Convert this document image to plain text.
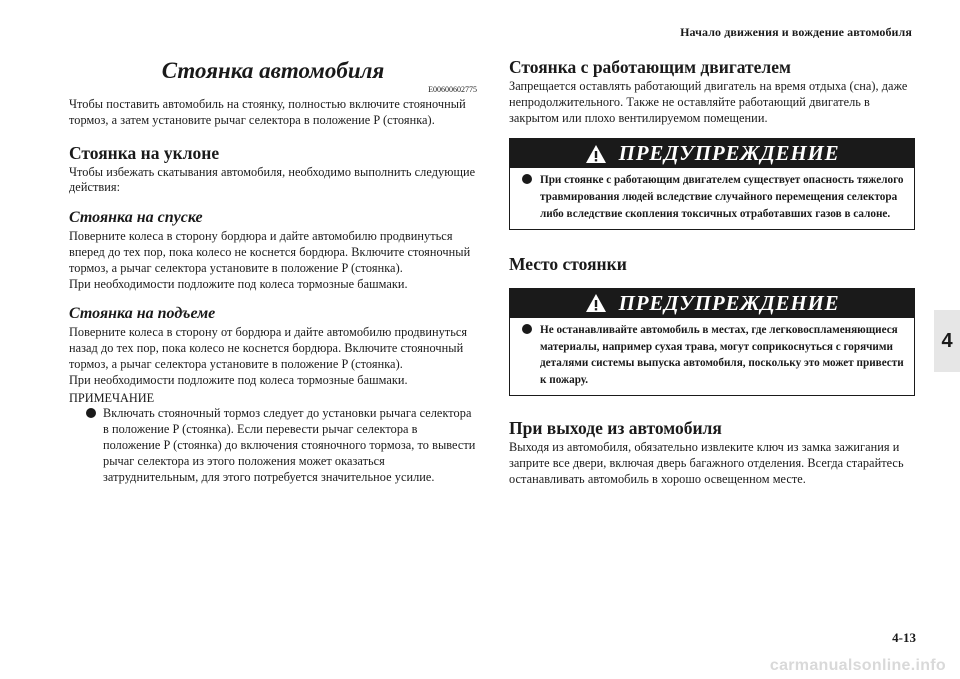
Начало движения и вождение автомобиля
4
Стоянка автомобиля
E00600602775

Чтобы поставить автомобиль на стоянку, полностью включите стояночный тормоз, а затем установите рычаг селектора в положение P (стоянка).

Стоянка на уклоне

Чтобы избежать скатывания автомобиля, необходимо выполнить следующие действия:

Стоянка на спуске

Поверните колеса в сторону бордюра и дайте автомобилю продвинуться вперед до тех пор, пока колесо не коснется бордюра. Включите стояночный тормоз, а рычаг селектора установите в положение P (стоянка).

При необходимости подложите под колеса тормозные башмаки.

Стоянка на подъеме

Поверните колеса в сторону от бордюра и дайте автомобилю продвинуться назад до тех пор, пока колесо не коснется бордюра. Включите стояночный тормоз, а рычаг селектора установите в положение P (стоянка).

При необходимости подложите под колеса тормозные башмаки.

ПРИМЕЧАНИЕ

Включать стояночный тормоз следует до установки рычага селектора в положение P (стоянка). Если перевести рычаг селектора в положение P (стоянка) до включения стояночного тормоза, то вывести рычаг селектора из этого положения может оказаться затруднительным, для этого потребуется значительное усилие.

Стоянка с работающим двигателем

Запрещается оставлять работающий двигатель на время отдыха (сна), даже непродолжительного. Также не оставляйте работающий двигатель в закрытом или плохо вентилируемом помещении.

ПРЕДУПРЕЖДЕНИЕ

При стоянке с работающим двигателем существует опасность тяжелого травмирования людей вследствие случайного перемещения селектора либо вследствие скопления токсичных отработавших газов в салоне.

Место стоянки
ПРЕДУПРЕЖДЕНИЕ

Не останавливайте автомобиль в местах, где легковоспламеняющиеся материалы, например сухая трава, могут соприкоснуться с горячими деталями системы выпуска автомобиля, поскольку это может привести к пожару.

При выходе из автомобиля

Выходя из автомобиля, обязательно извлеките ключ из замка зажигания и заприте все двери, включая дверь багажного отделения. Всегда старайтесь останавливать автомобиль в хорошо освещенном месте.

4-13
carmanualsonline.info
